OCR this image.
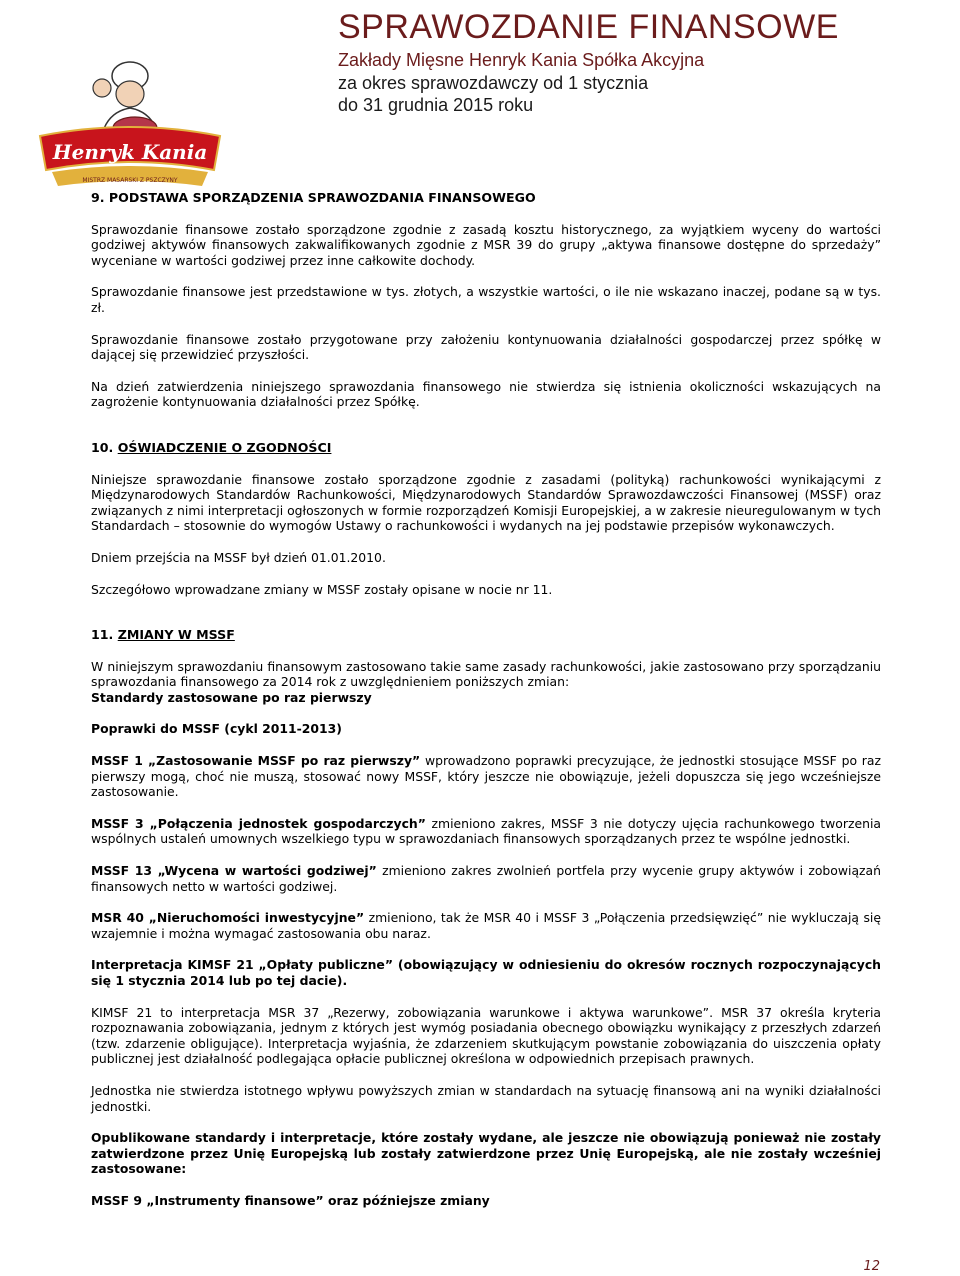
Henryk Kania
MISTRZ MASARSKI Z PSZCZYNY
SPRAWOZDANIE FINANSOWE
Zakłady Mięsne Henryk Kania Spółka Akcyjna
za okres sprawozdawczy od 1 stycznia
do 31 grudnia 2015 roku

9. PODSTAWA SPORZĄDZENIA SPRAWOZDANIA FINANSOWEGO

Sprawozdanie finansowe zostało sporządzone zgodnie z zasadą kosztu historycznego, za wyjątkiem wyceny do wartości godziwej aktywów finansowych zakwalifikowanych zgodnie z MSR 39 do grupy „aktywa finansowe dostępne do sprzedaży” wyceniane w wartości godziwej przez inne całkowite dochody.

Sprawozdanie finansowe jest przedstawione w tys. złotych, a wszystkie wartości, o ile nie wskazano inaczej, podane są w tys. zł.

Sprawozdanie finansowe zostało przygotowane przy założeniu kontynuowania działalności gospodarczej przez spółkę w dającej się przewidzieć przyszłości.

Na dzień zatwierdzenia niniejszego sprawozdania finansowego nie stwierdza się istnienia okoliczności wskazujących na zagrożenie kontynuowania działalności przez Spółkę.

10. OŚWIADCZENIE O ZGODNOŚCI

Niniejsze sprawozdanie finansowe zostało sporządzone zgodnie z zasadami (polityką) rachunkowości wynikającymi z Międzynarodowych Standardów Rachunkowości, Międzynarodowych Standardów Sprawozdawczości Finansowej (MSSF) oraz związanych z nimi interpretacji ogłoszonych w formie rozporządzeń Komisji Europejskiej, a w zakresie nieuregulowanym w tych Standardach – stosownie do wymogów Ustawy o rachunkowości i wydanych na jej podstawie przepisów wykonawczych.

Dniem przejścia na MSSF był dzień 01.01.2010.

Szczegółowo wprowadzane zmiany w MSSF zostały opisane w nocie nr 11.

11. ZMIANY W MSSF

W niniejszym sprawozdaniu finansowym zastosowano takie same zasady rachunkowości, jakie zastosowano przy sporządzaniu sprawozdania finansowego za 2014 rok z uwzględnieniem poniższych zmian:
Standardy zastosowane po raz pierwszy

Poprawki do MSSF (cykl 2011-2013)

MSSF 1 „Zastosowanie MSSF po raz pierwszy” wprowadzono poprawki precyzujące, że jednostki stosujące MSSF po raz pierwszy mogą, choć nie muszą, stosować nowy MSSF, który jeszcze nie obowiązuje, jeżeli dopuszcza się jego wcześniejsze zastosowanie.

MSSF 3 „Połączenia jednostek gospodarczych” zmieniono zakres, MSSF 3 nie dotyczy ujęcia rachunkowego tworzenia wspólnych ustaleń umownych wszelkiego typu w sprawozdaniach finansowych sporządzanych przez te wspólne jednostki.

MSSF 13 „Wycena w wartości godziwej” zmieniono zakres zwolnień portfela przy wycenie grupy aktywów i zobowiązań finansowych netto w wartości godziwej.

MSR 40 „Nieruchomości inwestycyjne” zmieniono, tak że MSR 40 i MSSF 3 „Połączenia przedsięwzięć” nie wykluczają się wzajemnie i można wymagać zastosowania obu naraz.

Interpretacja KIMSF 21 „Opłaty publiczne” (obowiązujący w odniesieniu do okresów rocznych rozpoczynających się 1 stycznia 2014 lub po tej dacie).

KIMSF 21 to interpretacja MSR 37 „Rezerwy, zobowiązania warunkowe i aktywa warunkowe”. MSR 37 określa kryteria rozpoznawania zobowiązania, jednym z których jest wymóg posiadania obecnego obowiązku wynikający z przeszłych zdarzeń (tzw. zdarzenie obligujące). Interpretacja wyjaśnia, że zdarzeniem skutkującym powstanie zobowiązania do uiszczenia opłaty publicznej jest działalność podlegająca opłacie publicznej określona w odpowiednich przepisach prawnych.

Jednostka nie stwierdza istotnego wpływu powyższych zmian w standardach na sytuację finansową ani na wyniki działalności jednostki.

Opublikowane standardy i interpretacje, które zostały wydane, ale jeszcze nie obowiązują ponieważ nie zostały zatwierdzone przez Unię Europejską lub zostały zatwierdzone przez Unię Europejską, ale nie zostały wcześniej zastosowane:

MSSF 9 „Instrumenty finansowe” oraz późniejsze zmiany

12
